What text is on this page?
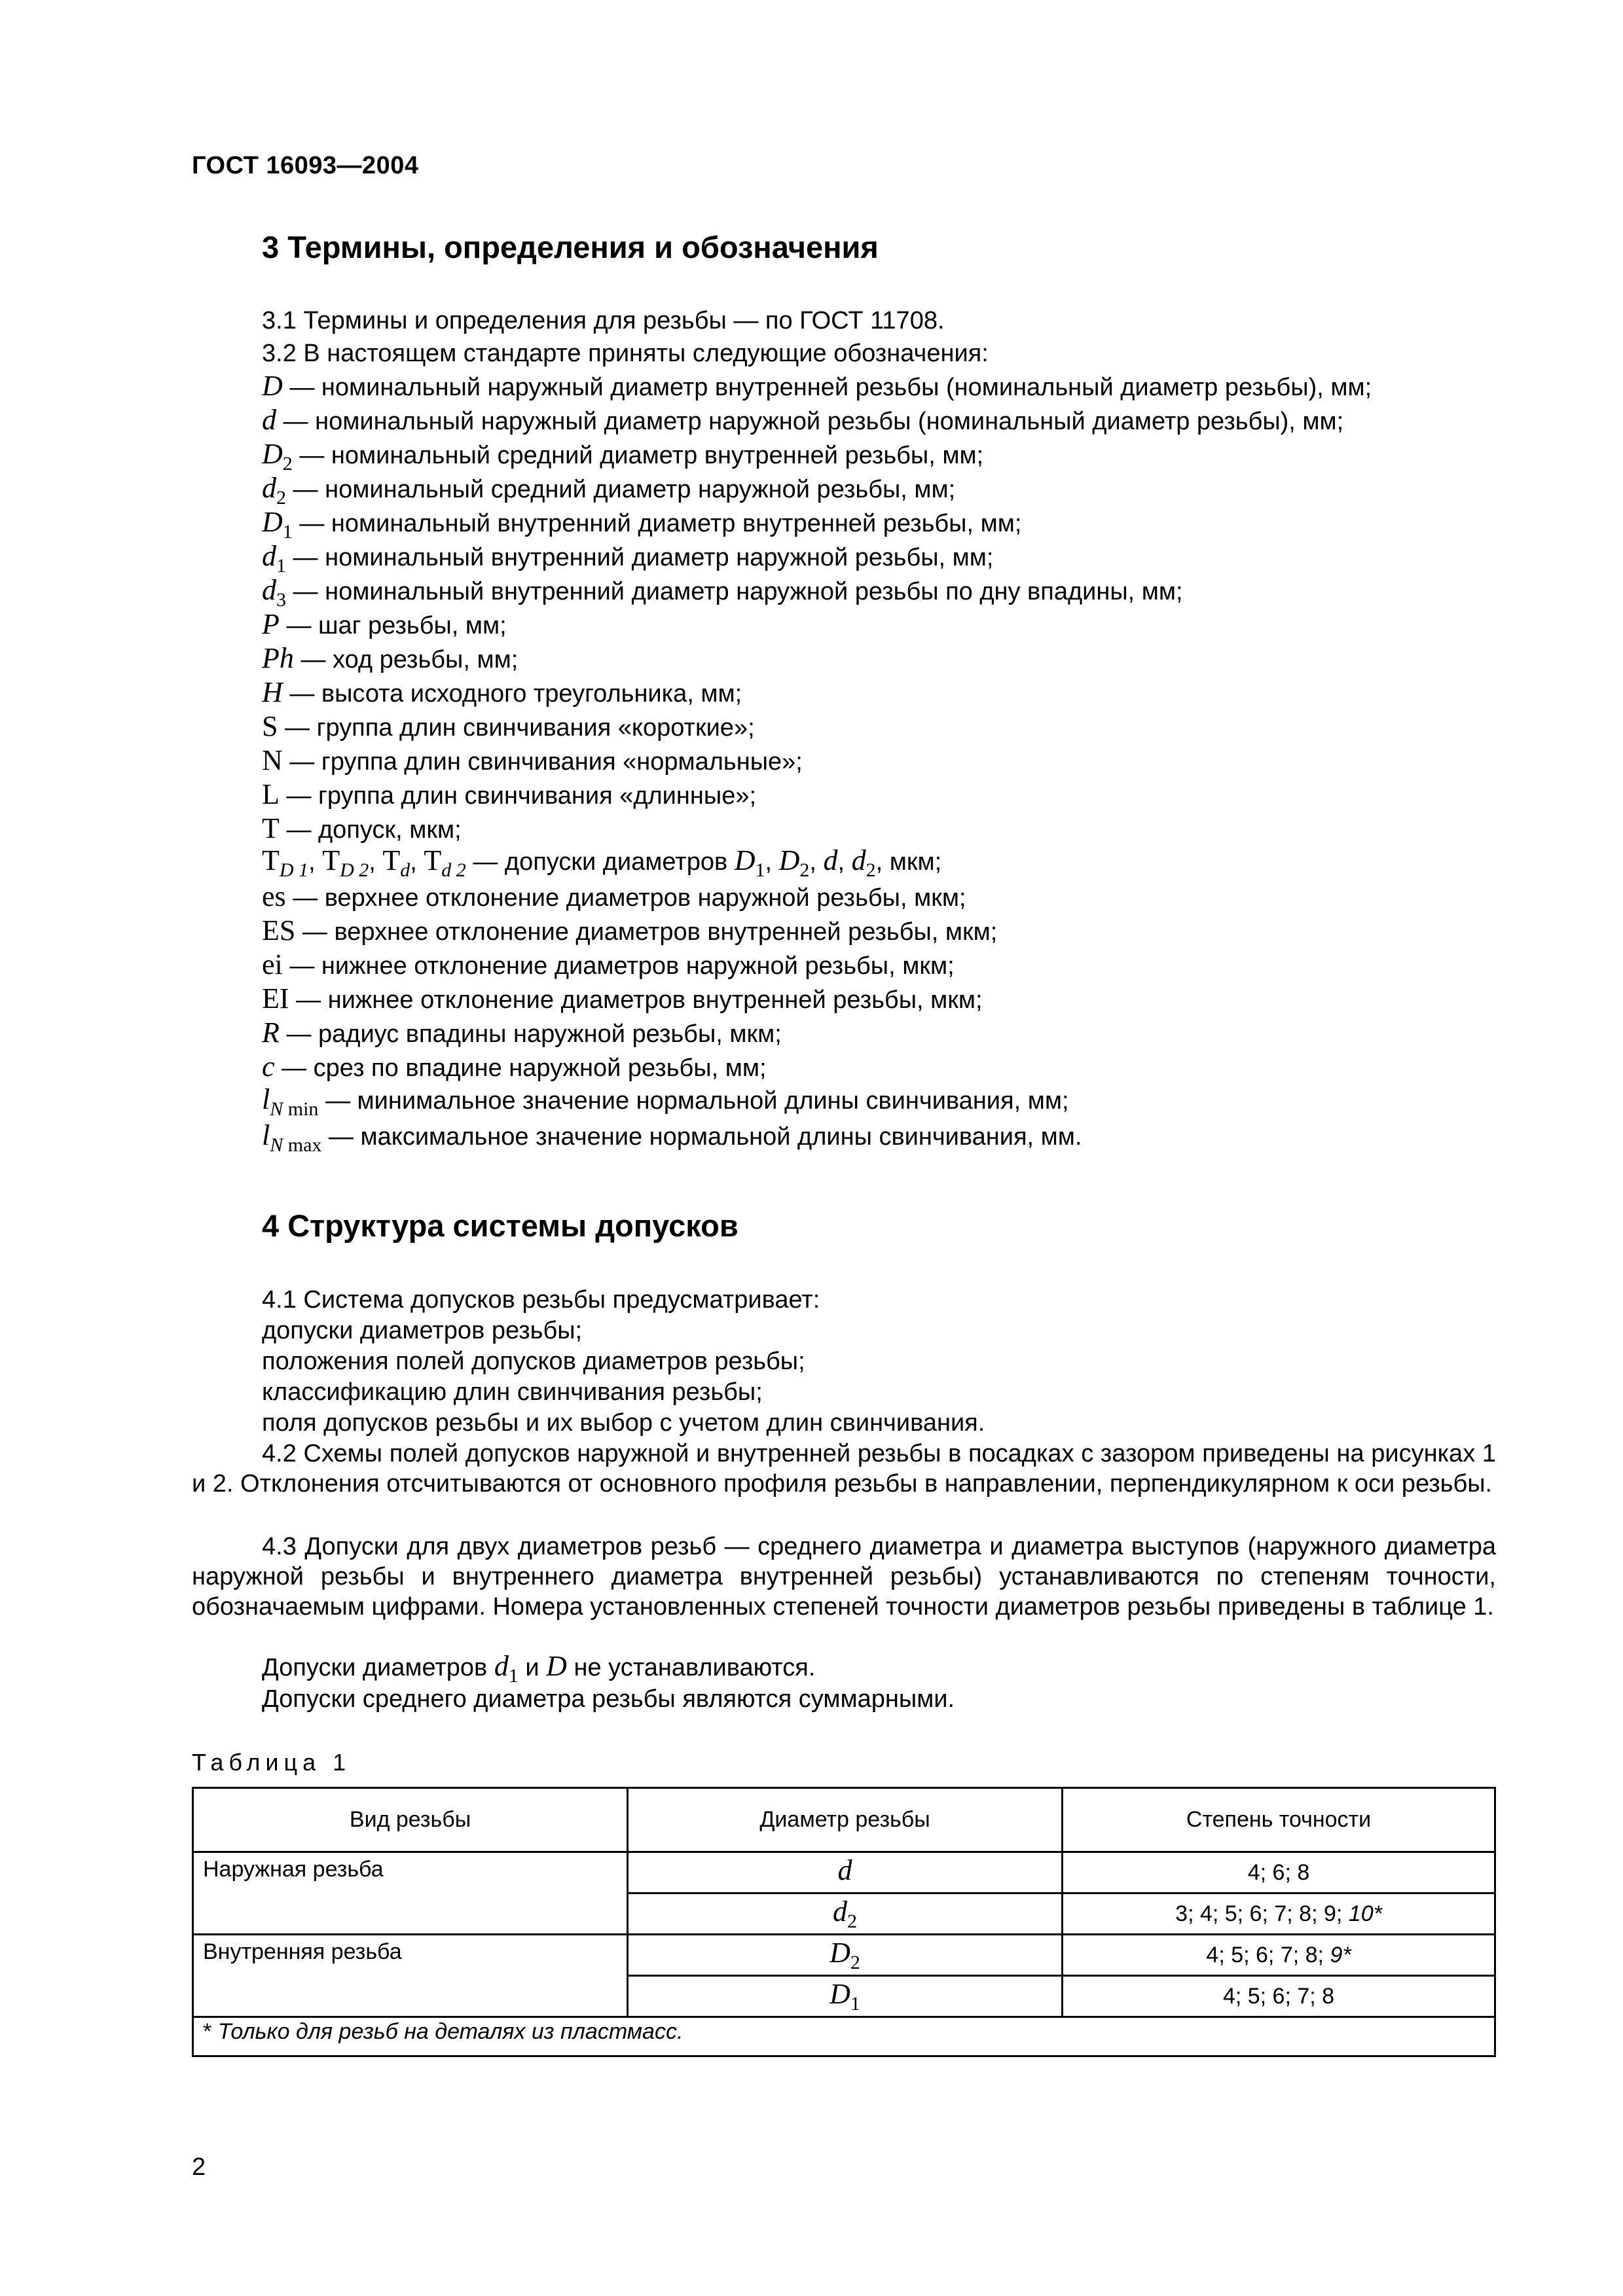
ГОСТ 16093—2004
3 Термины, определения и обозначения
3.1 Термины и определения для резьбы — по ГОСТ 11708.
3.2 В настоящем стандарте приняты следующие обозначения:
D — номинальный наружный диаметр внутренней резьбы (номинальный диаметр резьбы), мм;
d — номинальный наружный диаметр наружной резьбы (номинальный диаметр резьбы), мм;
$D_2$ — номинальный средний диаметр внутренней резьбы, мм;
$d_2$ — номинальный средний диаметр наружной резьбы, мм;
$D_1$ — номинальный внутренний диаметр внутренней резьбы, мм;
$d_1$ — номинальный внутренний диаметр наружной резьбы, мм;
$d_3$ — номинальный внутренний диаметр наружной резьбы по дну впадины, мм;
P — шаг резьбы, мм;
Ph — ход резьбы, мм;
H — высота исходного треугольника, мм;
S — группа длин свинчивания «короткие»;
N — группа длин свинчивания «нормальные»;
L — группа длин свинчивания «длинные»;
T — допуск, мкм;
$T_{D 1}$, $T_{D 2}$, $T_d$, $T_{d 2}$ — допуски диаметров $D_1$, $D_2$, d, $d_2$, мкм;
es — верхнее отклонение диаметров наружной резьбы, мкм;
ES — верхнее отклонение диаметров внутренней резьбы, мкм;
ei — нижнее отклонение диаметров наружной резьбы, мкм;
EI — нижнее отклонение диаметров внутренней резьбы, мкм;
R — радиус впадины наружной резьбы, мкм;
c — срез по впадине наружной резьбы, мм;
$l_N$ $_{min}$ — минимальное значение нормальной длины свинчивания, мм;
$l_N$ $_{max}$ — максимальное значение нормальной длины свинчивания, мм.
4 Структура системы допусков
4.1 Система допусков резьбы предусматривает:
допуски диаметров резьбы;
положения полей допусков диаметров резьбы;
классификацию длин свинчивания резьбы;
поля допусков резьбы и их выбор с учетом длин свинчивания.

4.2 Схемы полей допусков наружной и внутренней резьбы в посадках с зазором приведены на рисунках 1 и 2. Отклонения отсчитываются от основного профиля резьбы в направлении, перпендикулярном к оси резьбы.

4.3 Допуски для двух диаметров резьб — среднего диаметра и диаметра выступов (наружного диаметра наружной резьбы и внутреннего диаметра внутренней резьбы) устанавливаются по степеням точности, обозначаемым цифрами. Номера установленных степеней точности диаметров резьбы приведены в таблице 1.

Допуски диаметров $d_1$ и D не устанавливаются.
Допуски среднего диаметра резьбы являются суммарными.
Таблица 1
Вид резьбы	Диаметр резьбы	Степень точности
Наружная резьба	d	4; 6; 8
	d2	3; 4; 5; 6; 7; 8; 9; 10*
Внутренняя резьба	D2	4; 5; 6; 7; 8; 9*
	D1	4; 5; 6; 7; 8
* Только для резьб на деталях из пластмасс.		
2
